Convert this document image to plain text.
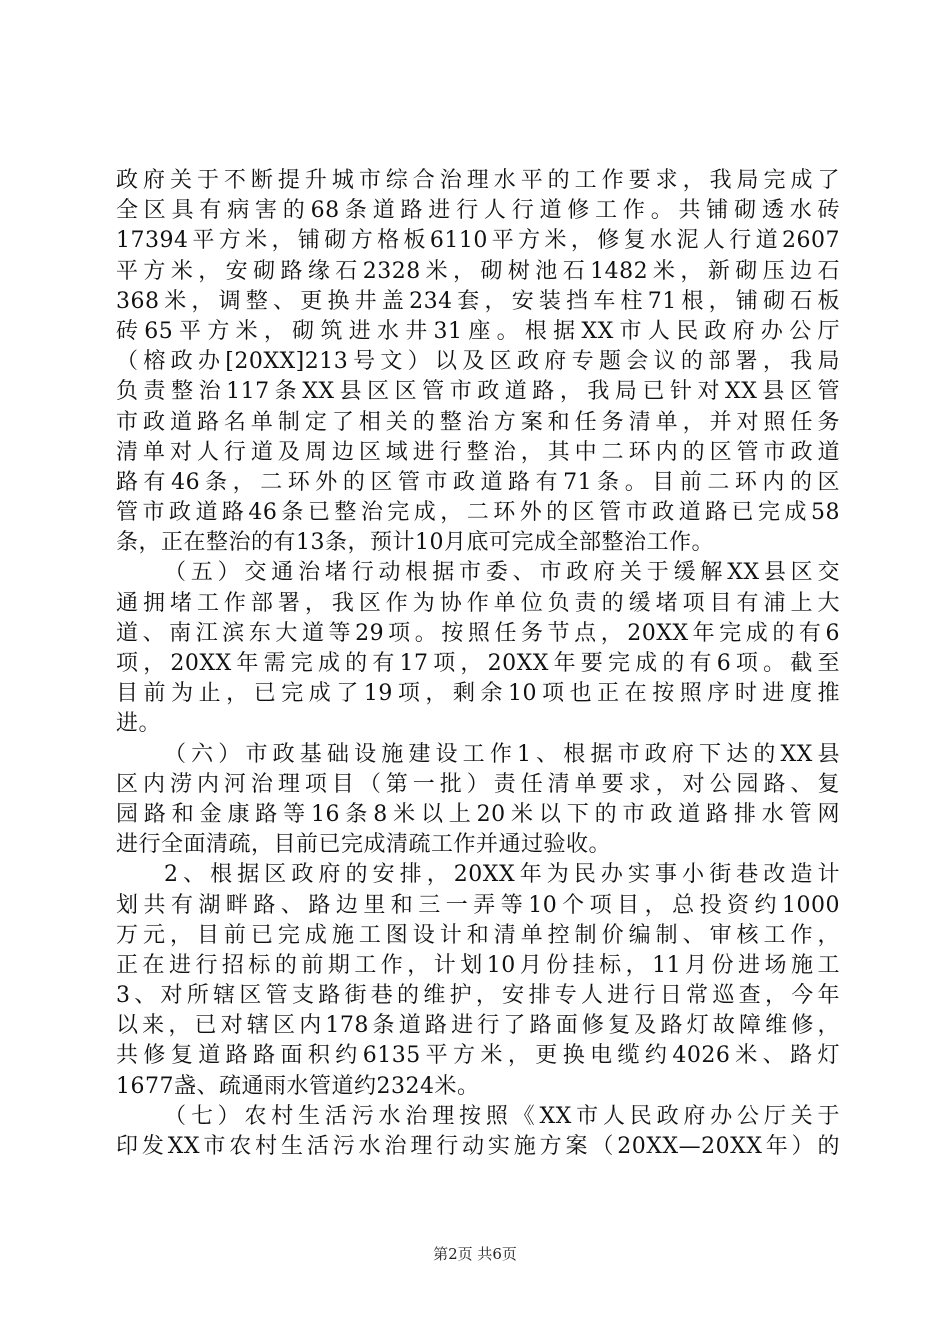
政府关于不断提升城市综合治理水平的工作要求，我局完成了
全区具有病害的68条道路进行人行道修工作。共铺砌透水砖
17394平方米，铺砌方格板6110平方米，修复水泥人行道2607
平方米，安砌路缘石2328米，砌树池石1482米，新砌压边石
368米，调整、更换井盖234套，安装挡车柱71根，铺砌石板
砖65平方米，砌筑进水井31座。根据XX市人民政府办公厅
（榕政办[20XX]213号文）以及区政府专题会议的部署，我局
负责整治117条XX县区区管市政道路，我局已针对XX县区管
市政道路名单制定了相关的整治方案和任务清单，并对照任务
清单对人行道及周边区域进行整治，其中二环内的区管市政道
路有46条，二环外的区管市政道路有71条。目前二环内的区
管市政道路46条已整治完成，二环外的区管市政道路已完成58
条，正在整治的有13条，预计10月底可完成全部整治工作。
（五）交通治堵行动根据市委、市政府关于缓解XX县区交
通拥堵工作部署，我区作为协作单位负责的缓堵项目有浦上大
道、南江滨东大道等29项。按照任务节点，20XX年完成的有6
项，20XX年需完成的有17项，20XX年要完成的有6项。截至
目前为止，已完成了19项，剩余10项也正在按照序时进度推
进。
（六）市政基础设施建设工作1、根据市政府下达的XX县
区内涝内河治理项目（第一批）责任清单要求，对公园路、复
园路和金康路等16条8米以上20米以下的市政道路排水管网
进行全面清疏，目前已完成清疏工作并通过验收。
2、根据区政府的安排，20XX年为民办实事小街巷改造计
划共有湖畔路、路边里和三一弄等10个项目，总投资约1000
万元，目前已完成施工图设计和清单控制价编制、审核工作，
正在进行招标的前期工作，计划10月份挂标，11月份进场施工
3、对所辖区管支路街巷的维护，安排专人进行日常巡查，今年
以来，已对辖区内178条道路进行了路面修复及路灯故障维修，
共修复道路路面积约6135平方米，更换电缆约4026米、路灯
1677盏、疏通雨水管道约2324米。
（七）农村生活污水治理按照《XX市人民政府办公厅关于
印发XX市农村生活污水治理行动实施方案（20XX—20XX年）的
第2页 共6页
